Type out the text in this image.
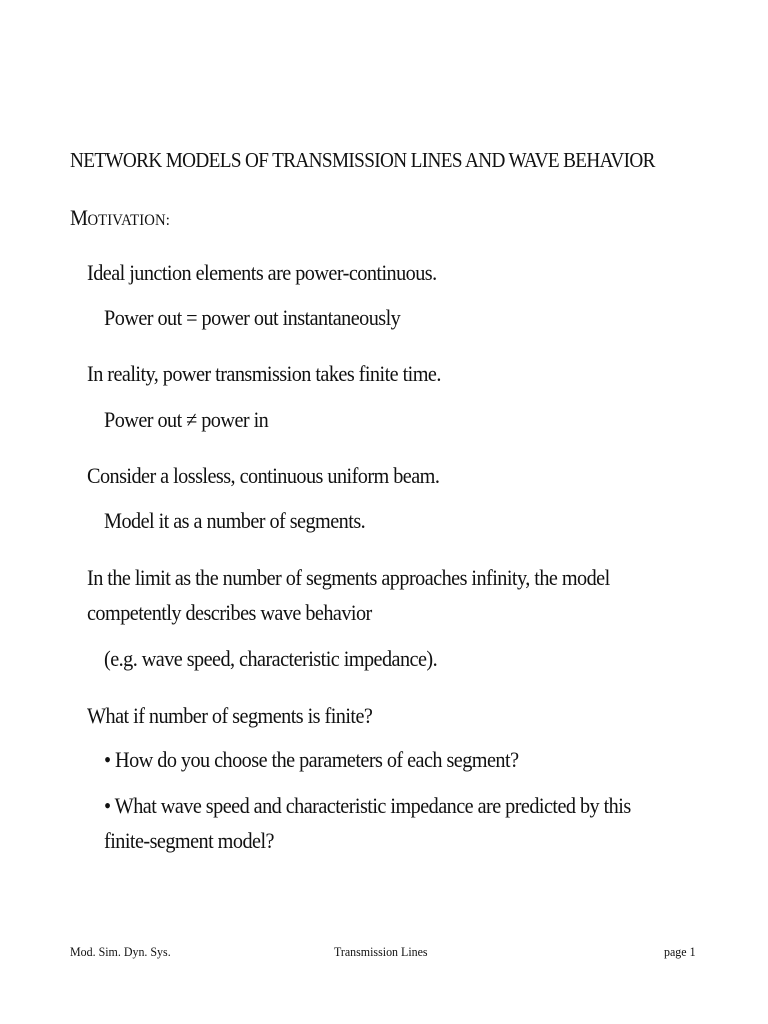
NETWORK MODELS OF TRANSMISSION LINES AND WAVE BEHAVIOR
MOTIVATION:
Ideal junction elements are power-continuous.
Power out = power out instantaneously
In reality, power transmission takes finite time.
Power out ≠ power in
Consider a lossless, continuous uniform beam.
Model it as a number of segments.
In the limit as the number of segments approaches infinity, the model
competently describes wave behavior
(e.g. wave speed, characteristic impedance).
What if number of segments is finite?
• How do you choose the parameters of each segment?
• What wave speed and characteristic impedance are predicted by this
finite-segment model?
Mod. Sim. Dyn. Sys.	Transmission Lines	page 1
